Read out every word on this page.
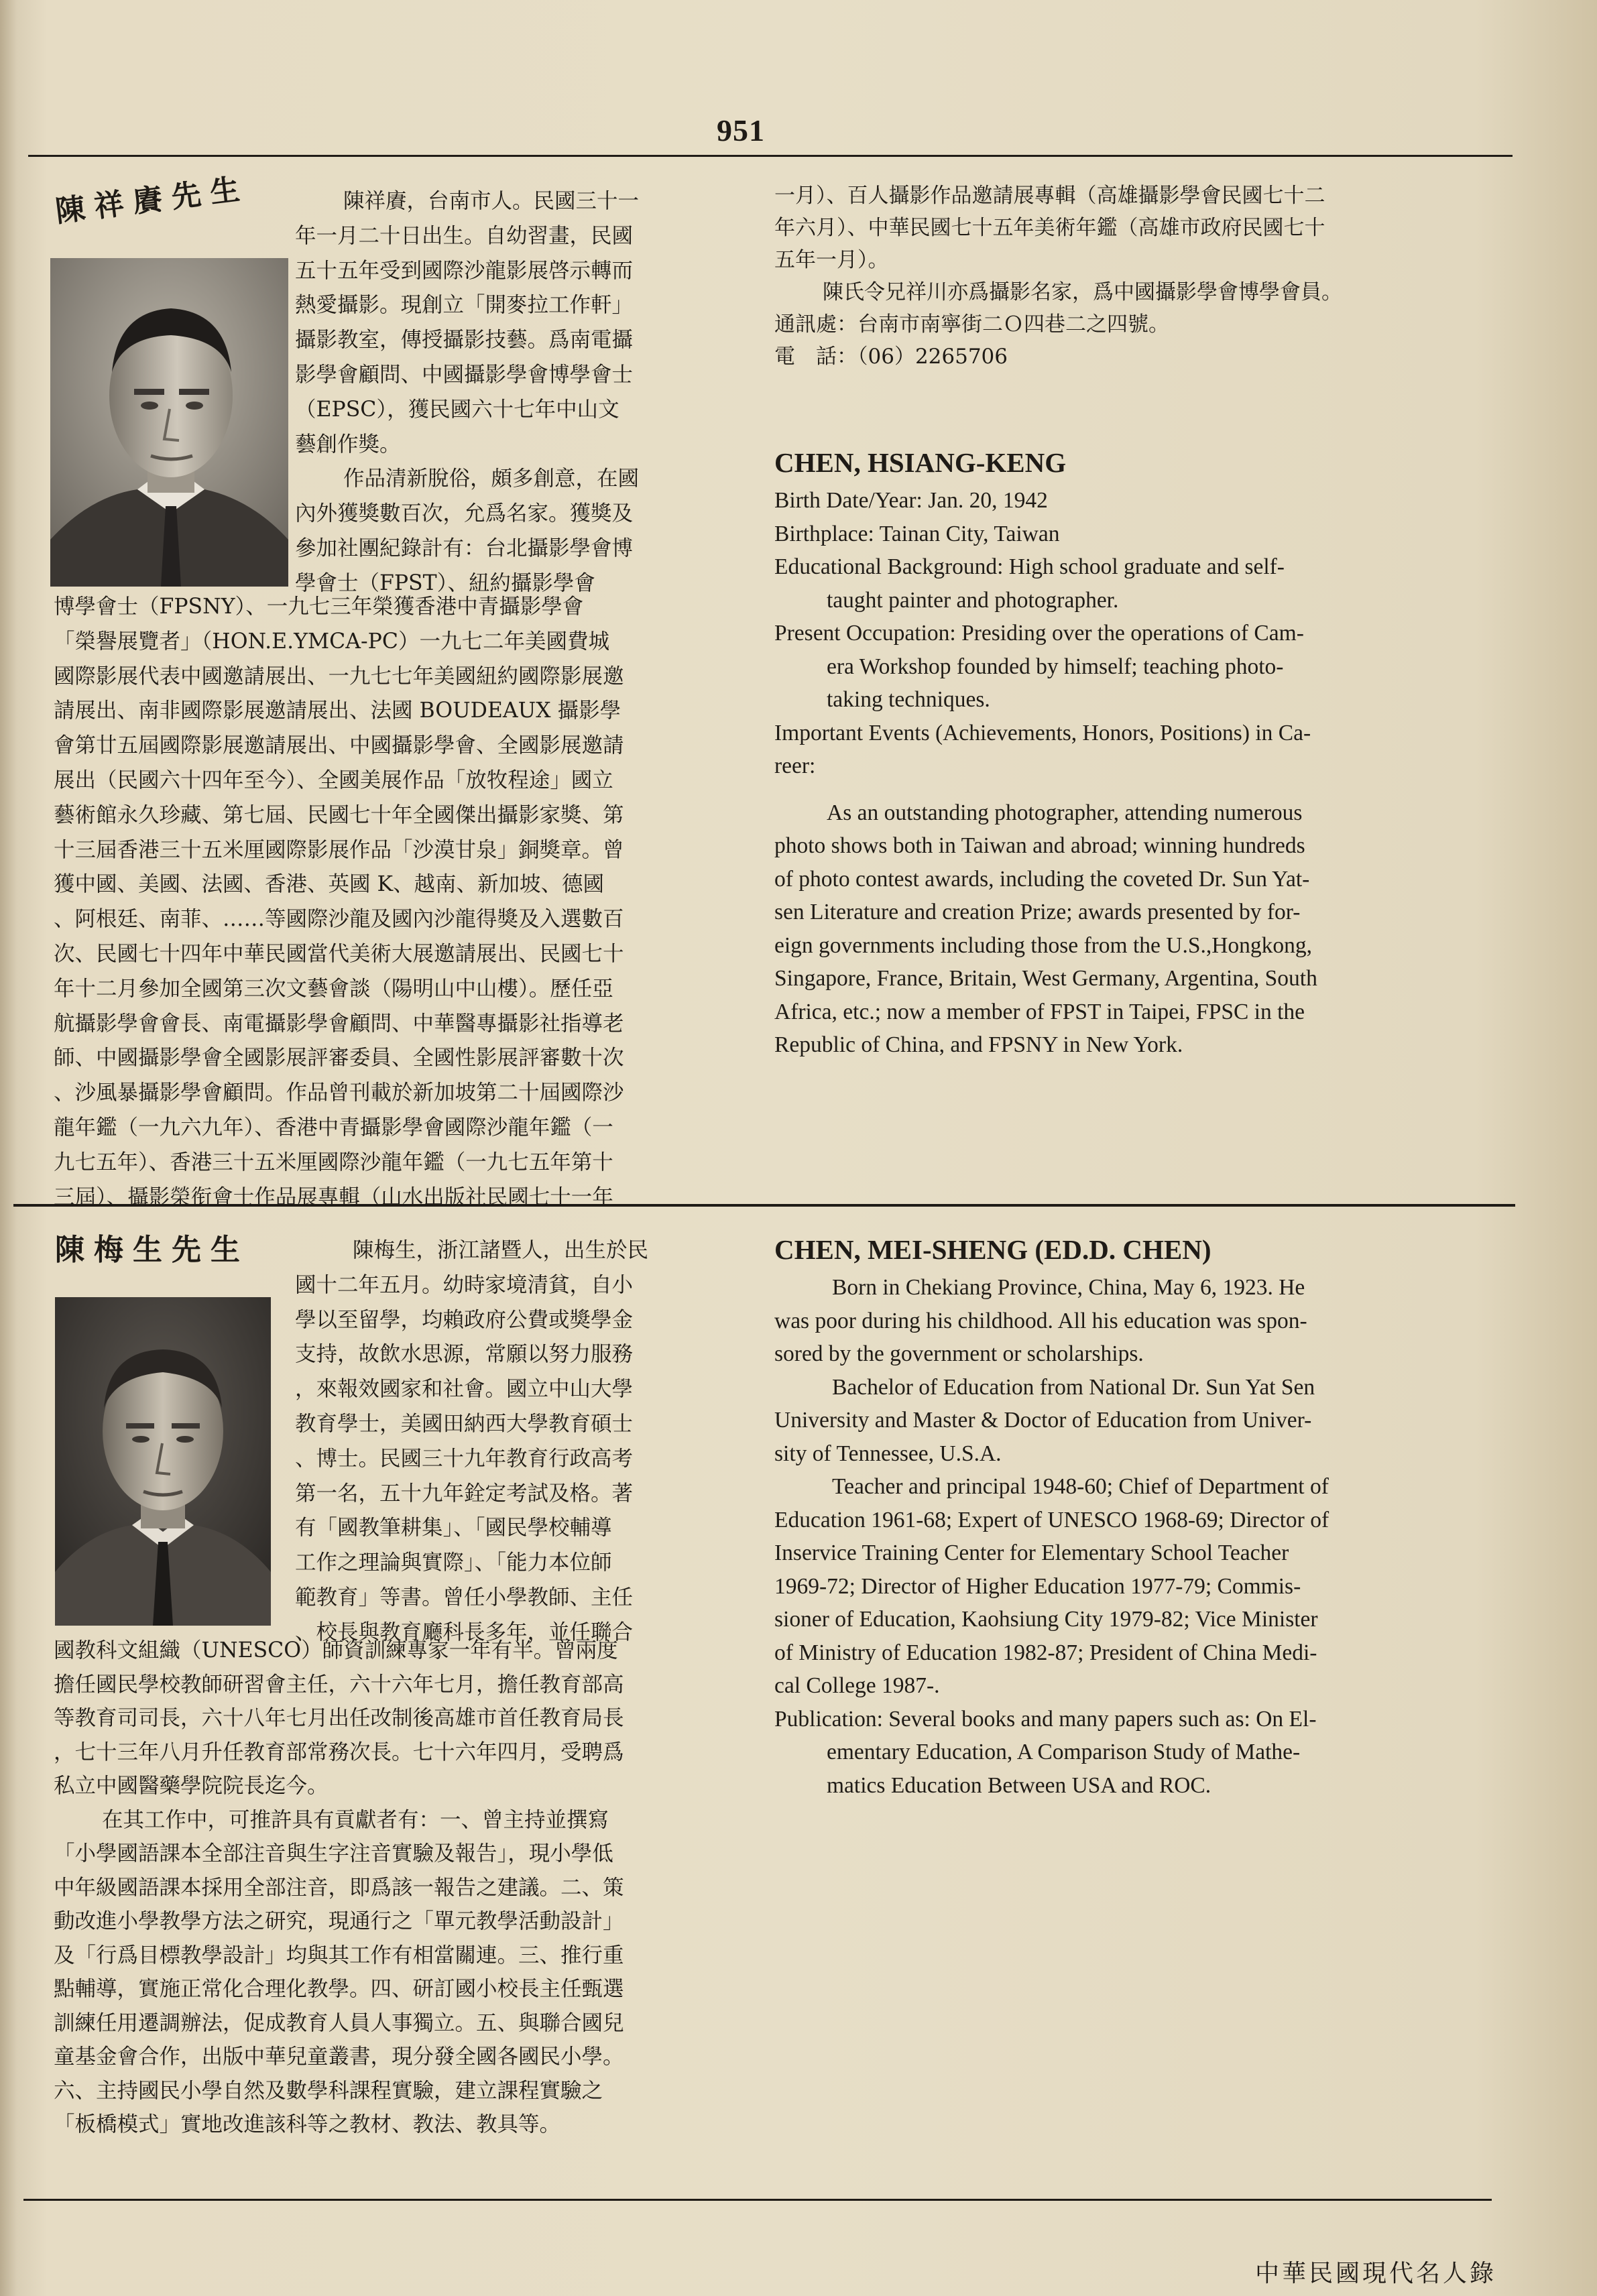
951
陳祥賡先生	陳祥賡，台南市人。民國三十一
年一月二十日出生。自幼習畫，民國
五十五年受到國際沙龍影展啓示轉而
熱愛攝影。現創立「開麥拉工作軒」
攝影教室，傳授攝影技藝。爲南電攝
影學會顧問、中國攝影學會博學會士
（EPSC），獲民國六十七年中山文
藝創作獎。
作品清新脫俗，頗多創意，在國
內外獲獎數百次，允爲名家。獲獎及
參加社團紀錄計有：台北攝影學會博
學會士（FPST）、紐約攝影學會
博學會士（FPSNY）、一九七三年榮獲香港中青攝影學會
「榮譽展覽者」（HON.E.YMCA-PC）一九七二年美國費城
國際影展代表中國邀請展出、一九七七年美國紐約國際影展邀
請展出、南非國際影展邀請展出、法國 BOUDEAUX 攝影學
會第廿五屆國際影展邀請展出、中國攝影學會、全國影展邀請
展出（民國六十四年至今）、全國美展作品「放牧程途」國立
藝術館永久珍藏、第七屆、民國七十年全國傑出攝影家獎、第
十三屆香港三十五米厘國際影展作品「沙漠甘泉」銅獎章。曾
獲中國、美國、法國、香港、英國 K、越南、新加坡、德國
、阿根廷、南菲、……等國際沙龍及國內沙龍得獎及入選數百
次、民國七十四年中華民國當代美術大展邀請展出、民國七十
年十二月參加全國第三次文藝會談（陽明山中山樓）。歷任亞
航攝影學會會長、南電攝影學會顧問、中華醫專攝影社指導老
師、中國攝影學會全國影展評審委員、全國性影展評審數十次
、沙風暴攝影學會顧問。作品曾刊載於新加坡第二十屆國際沙
龍年鑑（一九六九年）、香港中青攝影學會國際沙龍年鑑（一
九七五年）、香港三十五米厘國際沙龍年鑑（一九七五年第十
三屆）、攝影榮衔會士作品展專輯（山水出版社民國七十一年
一月）、百人攝影作品邀請展專輯（高雄攝影學會民國七十二
年六月）、中華民國七十五年美術年鑑（高雄市政府民國七十
五年一月）。
陳氏令兄祥川亦爲攝影名家，爲中國攝影學會博學會員。
通訊處：台南市南寧街二Ｏ四巷二之四號。
電　話：（06）2265706
CHEN, HSIANG-KENG
Birth Date/Year: Jan. 20, 1942
Birthplace: Tainan City, Taiwan
Educational Background: High school graduate and self-
taught painter and photographer.
Present Occupation: Presiding over the operations of Cam-
era Workshop founded by himself; teaching photo-
taking techniques.
Important Events (Achievements, Honors, Positions) in Ca-
reer:
As an outstanding photographer, attending numerous
photo shows both in Taiwan and abroad; winning hundreds
of photo contest awards, including the coveted Dr. Sun Yat-
sen Literature and creation Prize; awards presented by for-
eign governments including those from the U.S.,Hongkong,
Singapore, France, Britain, West Germany, Argentina, South
Africa, etc.; now a member of FPST in Taipei, FPSC in the
Republic of China, and FPSNY in New York.
陳梅生先生	陳梅生，浙江諸暨人，出生於民
國十二年五月。幼時家境清貧，自小
學以至留學，均賴政府公費或獎學金
支持，故飲水思源，常願以努力服務
，來報效國家和社會。國立中山大學
教育學士，美國田納西大學教育碩士
、博士。民國三十九年教育行政高考
第一名，五十九年銓定考試及格。著
有「國教筆耕集」、「國民學校輔導
工作之理論與實際」、「能力本位師
範教育」等書。曾任小學教師、主任
、校長與教育廳科長多年，並任聯合
國教科文組織（UNESCO）師資訓練專家一年有半。曾兩度
擔任國民學校教師研習會主任，六十六年七月，擔任教育部高
等教育司司長，六十八年七月出任改制後高雄市首任教育局長
，七十三年八月升任教育部常務次長。七十六年四月，受聘爲
私立中國醫藥學院院長迄今。
在其工作中，可推許具有貢獻者有：一、曾主持並撰寫
「小學國語課本全部注音與生字注音實驗及報告」，現小學低
中年級國語課本採用全部注音，即爲該一報告之建議。二、策
動改進小學教學方法之研究，現通行之「單元教學活動設計」
及「行爲目標教學設計」均與其工作有相當關連。三、推行重
點輔導，實施正常化合理化教學。四、研訂國小校長主任甄選
訓練任用遷調辦法，促成教育人員人事獨立。五、與聯合國兒
童基金會合作，出版中華兒童叢書，現分發全國各國民小學。
六、主持國民小學自然及數學科課程實驗，建立課程實驗之
「板橋模式」實地改進該科等之教材、教法、教具等。
CHEN, MEI-SHENG (ED.D. CHEN)
Born in Chekiang Province, China, May 6, 1923. He
was poor during his childhood. All his education was spon-
sored by the government or scholarships.
Bachelor of Education from National Dr. Sun Yat Sen
University and Master & Doctor of Education from Univer-
sity of Tennessee, U.S.A.
Teacher and principal 1948-60; Chief of Department of
Education 1961-68; Expert of UNESCO 1968-69; Director of
Inservice Training Center for Elementary School Teacher
1969-72; Director of Higher Education 1977-79; Commis-
sioner of Education, Kaohsiung City 1979-82; Vice Minister
of Ministry of Education 1982-87; President of China Medi-
cal College 1987-.
Publication: Several books and many papers such as: On El-
ementary Education, A Comparison Study of Mathe-
matics Education Between USA and ROC.
中華民國現代名人錄
